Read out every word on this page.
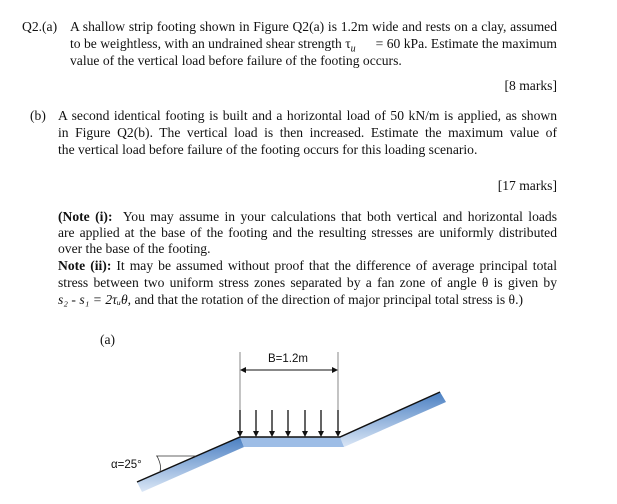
Q2.(a) A shallow strip footing shown in Figure Q2(a) is 1.2m wide and rests on a clay, assumed
to be weightless, with an undrained shear strength $\tau_u = 60$ kPa. Estimate the maximum
value of the vertical load before failure of the footing occurs.
[8 marks]
(b) A second identical footing is built and a horizontal load of 50 kN/m is applied, as shown
in Figure Q2(b). The vertical load is then increased. Estimate the maximum value of
the vertical load before failure of the footing occurs for this loading scenario.
[17 marks]
(Note (i): You may assume in your calculations that both vertical and horizontal loads
are applied at the base of the footing and the resulting stresses are uniformly distributed
over the base of the footing.
Note (ii): It may be assumed without proof that the difference of average principal total
stress between two uniform stress zones separated by a fan zone of angle θ is given by
s₂ - s₁ = 2τᵤθ, and that the rotation of the direction of major principal total stress is θ.)
(a)
B=1.2m
α=25°
